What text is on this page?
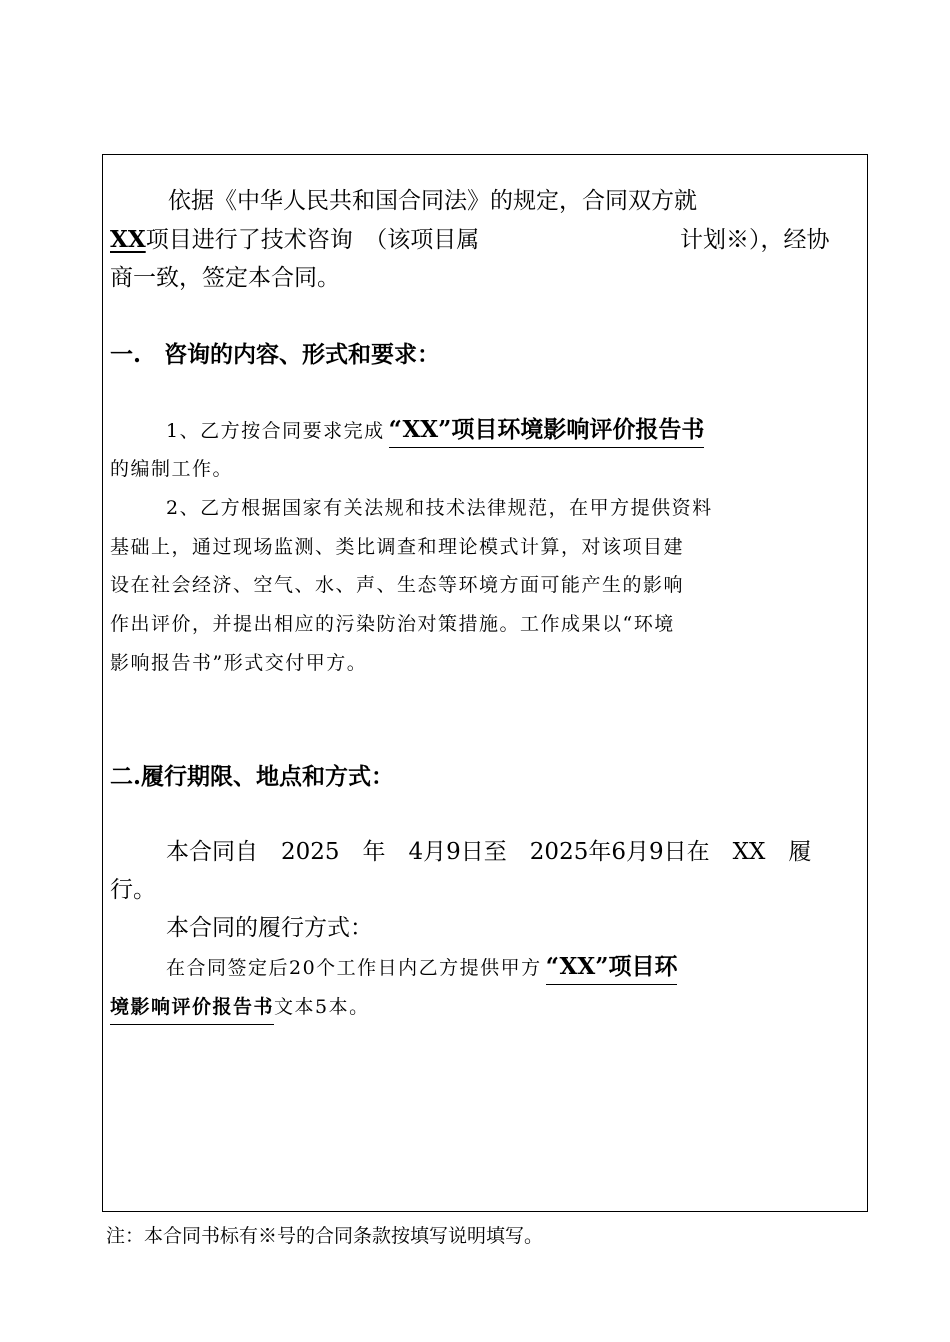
依据《中华人民共和国合同法》的规定，合同双方就
XX项目进行了技术咨询　（该项目属	计划※），经协
商一致，签定本合同。
一.　咨询的内容、形式和要求：
1、乙方按合同要求完成 “XX”项目环境影响评价报告书
的编制工作。
2、乙方根据国家有关法规和技术法律规范，在甲方提供资料
基础上，通过现场监测、类比调查和理论模式计算，对该项目建
设在社会经济、空气、水、声、生态等环境方面可能产生的影响
作出评价，并提出相应的污染防治对策措施。工作成果以“环境
影响报告书”形式交付甲方。
二.履行期限、地点和方式：
本合同自　2025　年　4月9日至　2025年6月9日在　XX　履
行。
本合同的履行方式：
在合同签定后20个工作日内乙方提供甲方 “XX”项目环
境影响评价报告书文本5本。
注：本合同书标有※号的合同条款按填写说明填写。
